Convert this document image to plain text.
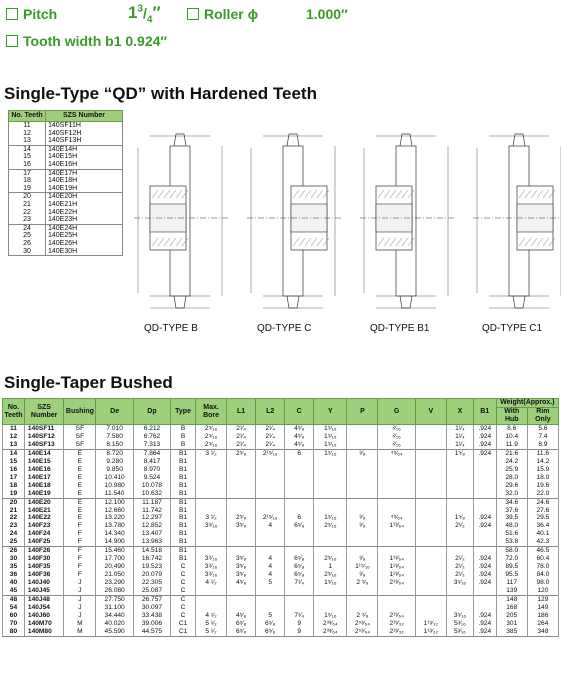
Pitch	$1^3/_4''$	Roller ϕ	1.000″
Tooth width b1 0.924″
Single-Type “QD” with Hardened Teeth
No. Teeth	SZS Number
11	140SF11H
12	140SF12H
13	140SF13H
14	140E14H
15	140E15H
16	140E16H
17	140E17H
18	140E18H
19	140E19H
20	140E20H
21	140E21H
22	140E22H
23	140E23H
24	140E24H
25	140E25H
26	140E26H
30	140E30H
QD-TYPE B	QD-TYPE C	QD-TYPE B1	QD-TYPE C1
Single-Taper Bushed
No. Teeth	SZS Number	Bushing	De	Dp	Type	Max. Bore	L1	L2	C	Y	P	G	V	X	B1	Weight(Approx.)	
																With Hub	Rim Only
11	140SF11	SF	7.010	6.212	B	2⁵⁄₁₆	2¹⁄₄	2¹⁄₄	4⁵⁄₈	1⁹⁄₁₆		²⁄₁₆		1¹⁄₄	.924	8.6	5.6
12	140SF12	SF	7.580	6.762	B	2⁵⁄₁₆	2¹⁄₄	2¹⁄₄	4⁵⁄₈	1⁹⁄₁₆		²⁄₁₆		1¹⁄₄	.924	10.4	7.4
13	140SF13	SF	8.150	7.313	B	2⁵⁄₁₆	2¹⁄₄	2¹⁄₄	4⁵⁄₈	1⁹⁄₁₆		²⁄₁₆		1¹⁄₄	.924	11.9	8.9
14	140E14	E	8.720	7.864	B1	3 ¹⁄₂	2⁵⁄₈	2¹⁵⁄₁₆	6	1⁵⁄₁₆	³⁄₈	⁴⁵⁄₆₄		1⁵⁄₈	.924	21.6	11.6
15	140E15	E	9.280	8.417	B1											24.2	14.2
16	140E16	E	9.850	8.970	B1											25.9	15.9
17	140E17	E	10.410	9.524	B1											28.0	18.0
18	140E18	E	10.980	10.078	B1											29.6	19.6
19	140E19	E	11.540	10.632	B1											32.0	22.0
20	140E20	E	12.100	11.187	B1											34.6	24.6
21	140E21	E	12.660	11.742	B1											37.6	27.6
22	140E22	E	13.220	12.297	B1	3 ¹⁄₂	2⁵⁄₈	2¹⁵⁄₁₆	6	1⁵⁄₁₆	³⁄₈	⁴⁵⁄₆₄		1⁵⁄₈	.924	39.5	29.5
23	140F23	F	13.780	12.852	B1	3⁹⁄₁₆	3⁵⁄₈	4	6⁵⁄₈	2⁵⁄₁₆	³⁄₈	1¹³⁄₆₄		2¹⁄₂	.924	48.0	36.4
24	140F24	F	14.340	13.407	B1											51.6	40.1
25	140F25	F	14.900	13.963	B1											53.8	42.3
26	140F26	F	15.460	14.518	B1											58.0	46.5
30	140F30	F	17.700	16.742	B1	3⁹⁄₁₆	3⁵⁄₈	4	6⁵⁄₈	2⁵⁄₁₆	³⁄₈	1¹³⁄₆₄		2¹⁄₂	.924	72.0	60.4
35	140F35	F	20.490	19.523	C	3⁹⁄₁₆	3⁵⁄₈	4	6⁵⁄₈	1	1¹⁵⁄₁₆	1¹³⁄₆₄		2¹⁄₂	.924	89.5	78.0
36	140F36	F	21.050	20.079	C	3⁹⁄₁₆	3⁵⁄₈	4	6⁵⁄₈	2⁵⁄₁₆	³⁄₈	1¹³⁄₆₄		2¹⁄₂	.924	95.5	84.0
40	140J40	J	23.290	22.305	C	4 ¹⁄₂	4⁵⁄₈	5	7¹⁄₄	1⁵⁄₁₆	2 ⁵⁄₈	2¹³⁄₆₄		3⁵⁄₁₆	.924	117	98.0
45	140J45	J	26.080	25.087	C											139	120
48	140J48	J	27.750	26.757	C											148	129
54	140J54	J	31.100	30.097	C											168	149
60	140J60	J	34.440	33.438	C	4 ¹⁄₂	4⁵⁄₈	5	7¹⁄₄	1⁵⁄₁₆	2 ⁵⁄₈	2¹³⁄₆₄		3⁵⁄₁₆	.924	205	186
70	140M70	M	40.020	39.006	C1	5 ¹⁄₂	6⁵⁄₈	6⁵⁄₈	9	2³³⁄₆₄	2⁵³⁄₆₄	2¹³⁄₃₂	1¹³⁄₃₂	5³⁄₁₆	.924	301	264
80	140M80	M	45.590	44.575	C1	5 ¹⁄₂	6⁵⁄₈	6⁵⁄₈	9	2³³⁄₆₄	2⁵³⁄₆₄	2¹³⁄₃₂	1¹³⁄₃₂	5³⁄₁₆	.924	385	348
